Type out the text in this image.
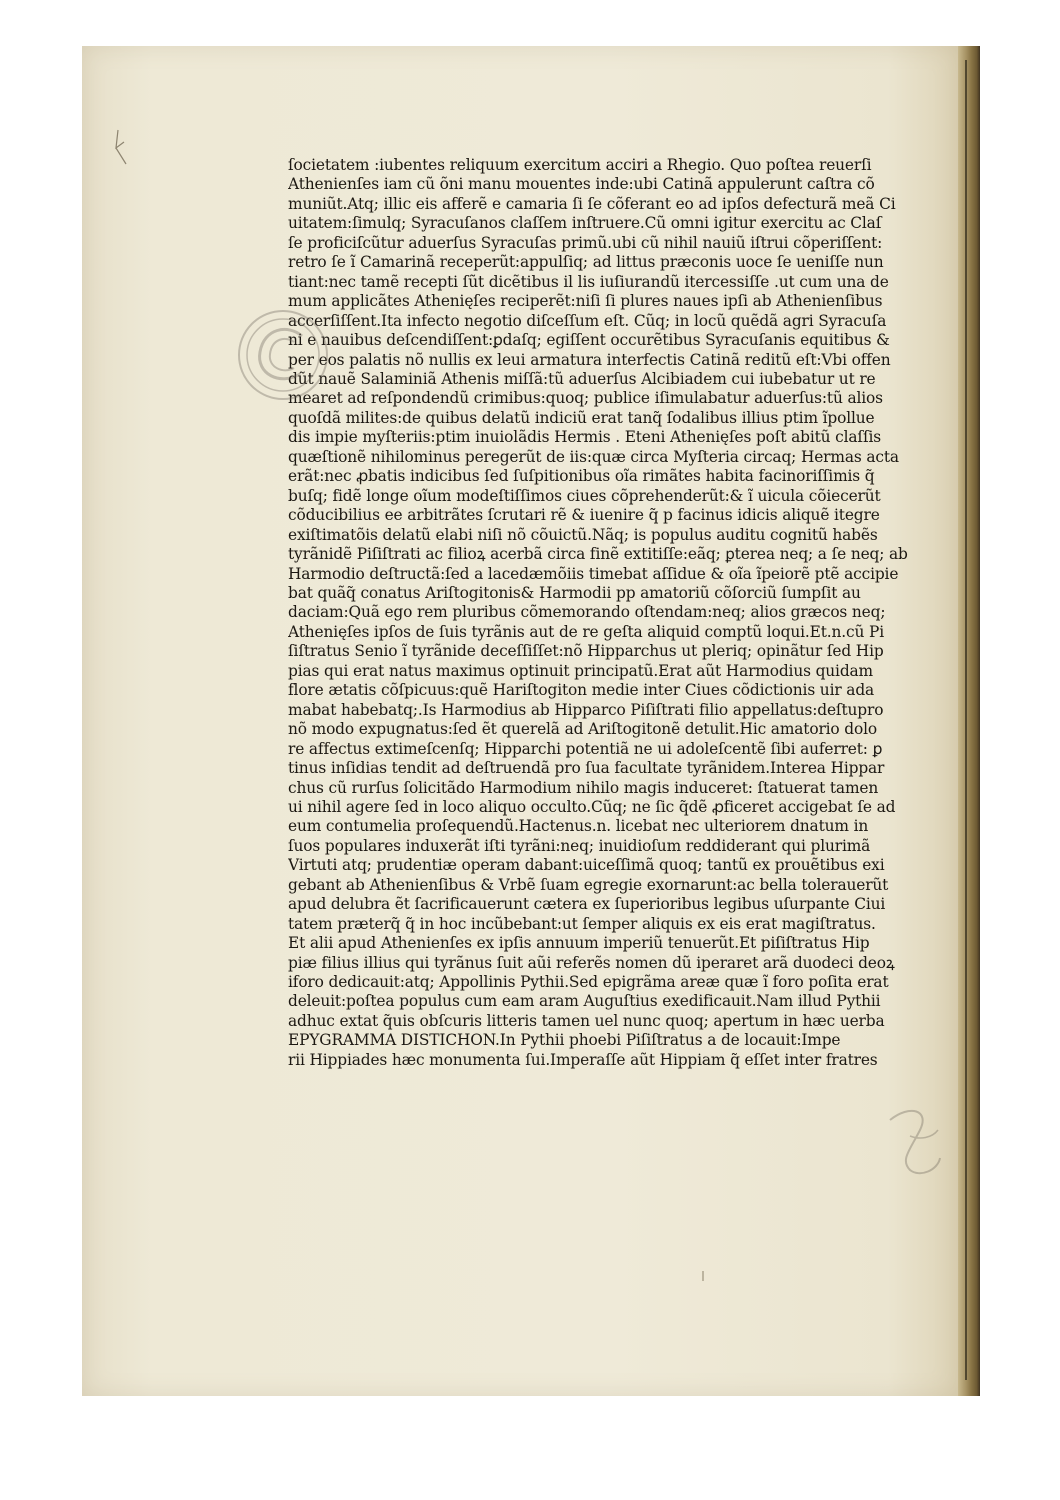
ſocietatem :iubentes reliquum exercitum acciri a Rhegio. Quo poſtea reuerſi
Athenienſes iam cũ õni manu mouentes inde:ubi Catinã appulerunt caſtra cõ
muniũt.Atq; illic eis afferẽ e camaria ſi ſe cõferant eo ad ipſos defecturã meã Ci
uitatem:ſimulq; Syracuſanos claſſem inſtruere.Cũ omni igitur exercitu ac Claſ
ſe proficiſcũtur aduerſus Syracuſas primũ.ubi cũ nihil nauiũ iſtrui cõperiſſent:
retro ſe ĩ Camarinã receperũt:appulſiq; ad littus præconis uoce ſe ueniſſe nun
tiant:nec tamẽ recepti ſũt dicẽtibus il lis iuſiurandũ itercessiſſe .ut cum una de
mum applicãtes Athenięſes reciperẽt:niſi ſi plures naues ipſi ab Athenienſibus
accerſiſſent.Ita infecto negotio diſceſſum eſt. Cũq; in locũ quẽdã agri Syracuſa
ni e nauibus deſcendiſſent:ꝑdaſq; egiſſent occurẽtibus Syracuſanis equitibus &
per eos palatis nõ nullis ex leui armatura interfectis Catinã reditũ eſt:Vbi offen
dũt nauẽ Salaminiã Athenis miſſã:tũ aduerſus Alcibiadem cui iubebatur ut re
mearet ad reſpondendũ crimibus:quoq; publice iſimulabatur aduerſus:tũ alios
quoſdã milites:de quibus delatũ indiciũ erat tanq̃ ſodalibus illius ptim ĩpollue
dis impie myſteriis:ptim inuiolãdis Hermis . Eteni Athenięſes poſt abitũ claſſis
quæſtionẽ nihilominus peregerũt de iis:quæ circa Myſteria circaq; Hermas acta
erãt:nec ꝓbatis indicibus ſed ſuſpitionibus oĩa rimãtes habita facinoriſſimis q̃
buſq; fidẽ longe oĩum modeſtiſſimos ciues cõprehenderũt:& ĩ uicula cõiecerũt
cõducibilius ee arbitrãtes ſcrutari rẽ & iuenire q̃ p facinus idicis aliquẽ itegre
exiſtimatõis delatũ elabi niſi nõ cõuictũ.Nãq; is populus auditu cognitũ habẽs
tyrãnidẽ Piſiſtrati ac filioꝝ acerbã circa finẽ extitiſſe:eãq; ꝑterea neq; a ſe neq; ab
Harmodio deſtructã:ſed a lacedæmõiis timebat aſſidue & oĩa ĩpeiorẽ ptẽ accipie
bat quãq̃ conatus Ariſtogitonis& Harmodii pp amatoriũ cõſorciũ ſumpſit au
daciam:Quã ego rem pluribus cõmemorando oſtendam:neq; alios græcos neq;
Athenięſes ipſos de ſuis tyrãnis aut de re geſta aliquid comptũ loqui.Et.n.cũ Pi
ſiſtratus Senio ĩ tyrãnide deceſſiſſet:nõ Hipparchus ut pleriq; opinãtur ſed Hip
pias qui erat natus maximus optinuit principatũ.Erat aũt Harmodius quidam
flore ætatis cõſpicuus:quẽ Hariſtogiton medie inter Ciues cõdictionis uir ada
mabat habebatq;.Is Harmodius ab Hipparco Piſiſtrati filio appellatus:deſtupro
nõ modo expugnatus:ſed ẽt querelã ad Ariſtogitonẽ detulit.Hic amatorio dolo
re affectus extimeſcenſq; Hipparchi potentiã ne ui adoleſcentẽ ſibi auferret: ꝑ
tinus inſidias tendit ad deſtruendã pro ſua facultate tyrãnidem.Interea Hippar
chus cũ rurſus ſolicitãdo Harmodium nihilo magis induceret: ſtatuerat tamen
ui nihil agere ſed in loco aliquo occulto.Cũq; ne ſic q̃dẽ ꝓficeret accigebat ſe ad
eum contumelia proſequendũ.Hactenus.n. licebat nec ulteriorem dnatum in
ſuos populares induxerãt iſti tyrãni:neq; inuidioſum reddiderant qui plurimã
Virtuti atq; prudentiæ operam dabant:uiceſſimã quoq; tantũ ex prouẽtibus exi
gebant ab Athenienſibus & Vrbẽ ſuam egregie exornarunt:ac bella tolerauerũt
apud delubra ẽt ſacrificauerunt cætera ex ſuperioribus legibus uſurpante Ciui
tatem præterq̃ q̃ in hoc incũbebant:ut ſemper aliquis ex eis erat magiſtratus.
Et alii apud Athenienſes ex ipſis annuum imperiũ tenuerũt.Et piſiſtratus Hip
piæ filius illius qui tyrãnus ſuit aũi referẽs nomen dũ iperaret arã duodeci deoꝝ
iforo dedicauit:atq; Appollinis Pythii.Sed epigrãma areæ quæ ĩ foro poſita erat
deleuit:poſtea populus cum eam aram Auguſtius exedificauit.Nam illud Pythii
adhuc extat q̃uis obſcuris litteris tamen uel nunc quoq; apertum in hæc uerba
EPYGRAMMA DISTICHON.In Pythii phoebi Piſiſtratus a de locauit:Impe
rii Hippiades hæc monumenta ſui.Imperaſſe aũt Hippiam q̃ eſſet inter fratres
